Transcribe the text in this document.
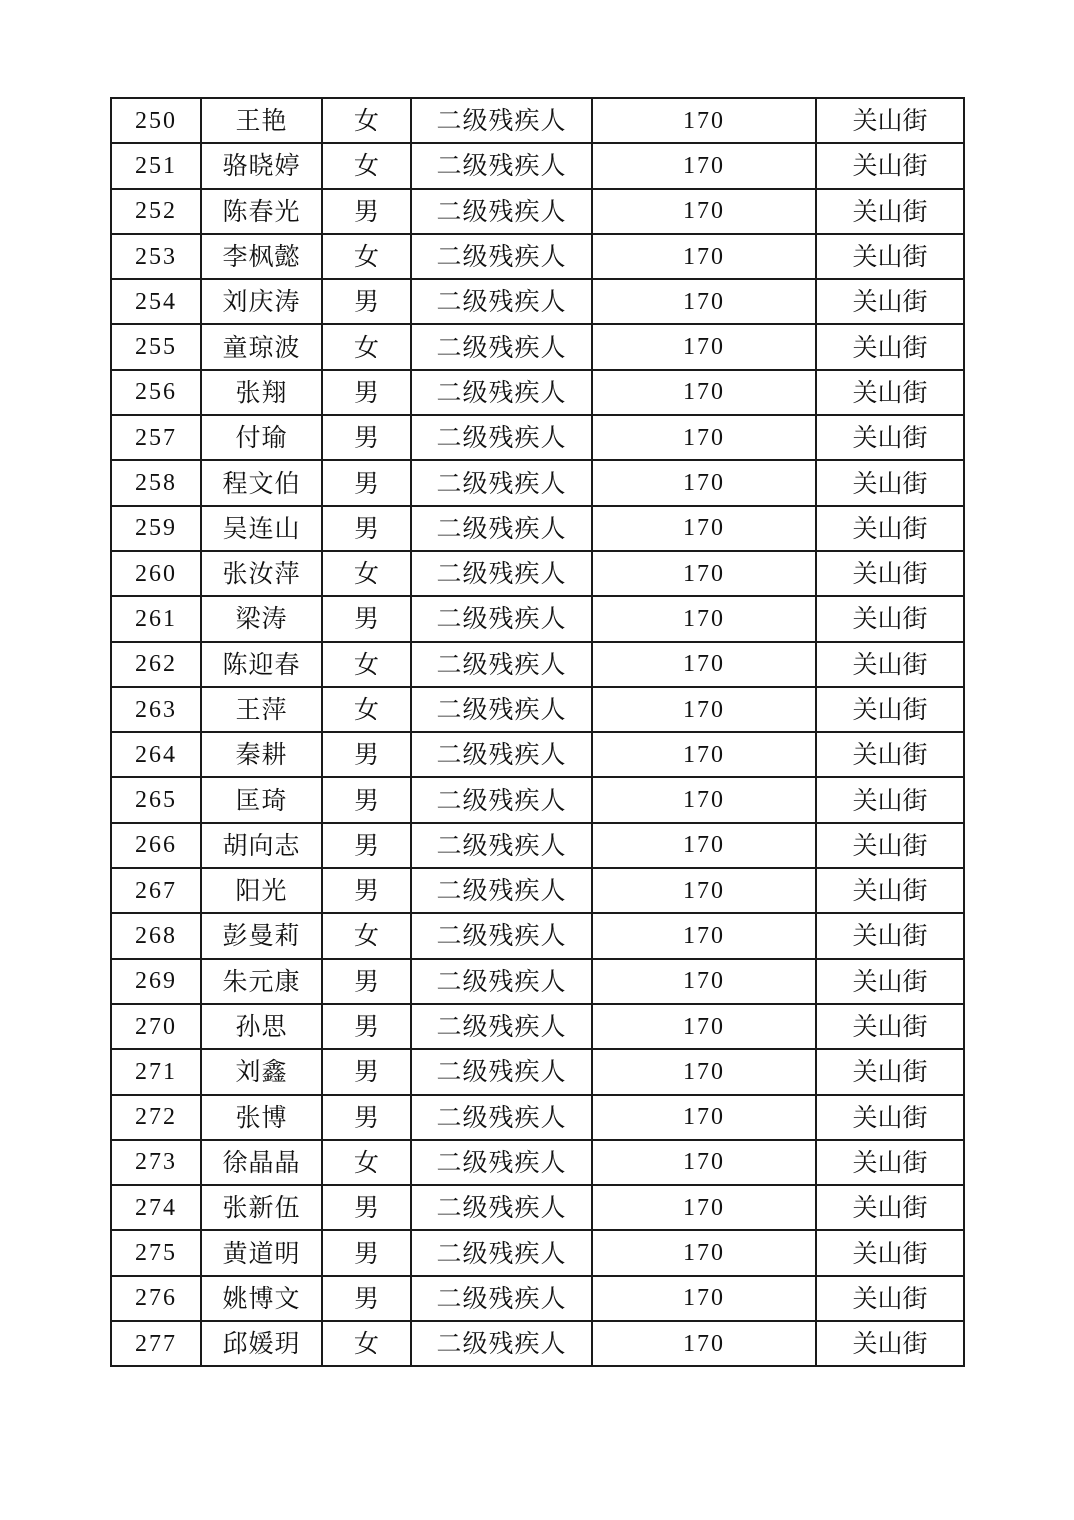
250	王艳	女	二级残疾人	170	关山街
251	骆晓婷	女	二级残疾人	170	关山街
252	陈春光	男	二级残疾人	170	关山街
253	李枫懿	女	二级残疾人	170	关山街
254	刘庆涛	男	二级残疾人	170	关山街
255	童琼波	女	二级残疾人	170	关山街
256	张翔	男	二级残疾人	170	关山街
257	付瑜	男	二级残疾人	170	关山街
258	程文伯	男	二级残疾人	170	关山街
259	吴连山	男	二级残疾人	170	关山街
260	张汝萍	女	二级残疾人	170	关山街
261	梁涛	男	二级残疾人	170	关山街
262	陈迎春	女	二级残疾人	170	关山街
263	王萍	女	二级残疾人	170	关山街
264	秦耕	男	二级残疾人	170	关山街
265	匡琦	男	二级残疾人	170	关山街
266	胡向志	男	二级残疾人	170	关山街
267	阳光	男	二级残疾人	170	关山街
268	彭曼莉	女	二级残疾人	170	关山街
269	朱元康	男	二级残疾人	170	关山街
270	孙思	男	二级残疾人	170	关山街
271	刘鑫	男	二级残疾人	170	关山街
272	张博	男	二级残疾人	170	关山街
273	徐晶晶	女	二级残疾人	170	关山街
274	张新伍	男	二级残疾人	170	关山街
275	黄道明	男	二级残疾人	170	关山街
276	姚博文	男	二级残疾人	170	关山街
277	邱媛玥	女	二级残疾人	170	关山街
